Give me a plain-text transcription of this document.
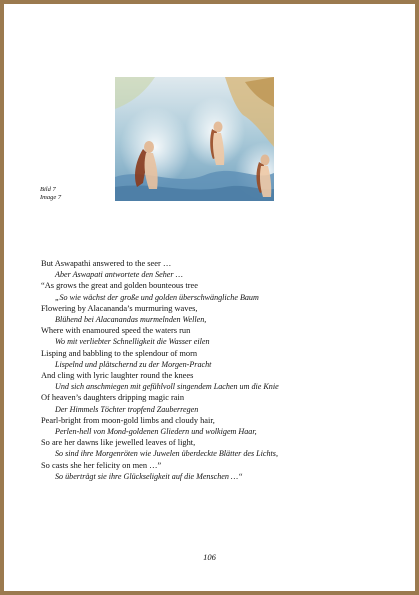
Bild 7
Image 7
But Aswapathi answered to the seer …
Aber Aswapati antwortete den Seher …
“As grows the great and golden bounteous tree
„So wie wächst der große und golden überschwängliche Baum
Flowering by Alacananda’s murmuring waves,
Blühend bei Alacanandas murmelnden Wellen,
Where with enamoured speed the waters run
Wo mit verliebter Schnelligkeit die Wasser eilen
Lisping and babbling to the splendour of morn
Lispelnd und plätschernd zu der Morgen-Pracht
And cling with lyric laughter round the knees
Und sich anschmiegen mit gefühlvoll singendem Lachen um die Knie
Of heaven’s daughters dripping magic rain
Der Himmels Töchter tropfend Zauberregen
Pearl-bright from moon-gold limbs and cloudy hair,
Perlen-hell von Mond-goldenen Gliedern und wolkigem Haar,
So are her dawns like jewelled leaves of light,
So sind ihre Morgenröten wie Juwelen überdeckte Blätter des Lichts,
So casts she her felicity on men …”
So überträgt sie ihre Glückseligkeit auf die Menschen …“
106
